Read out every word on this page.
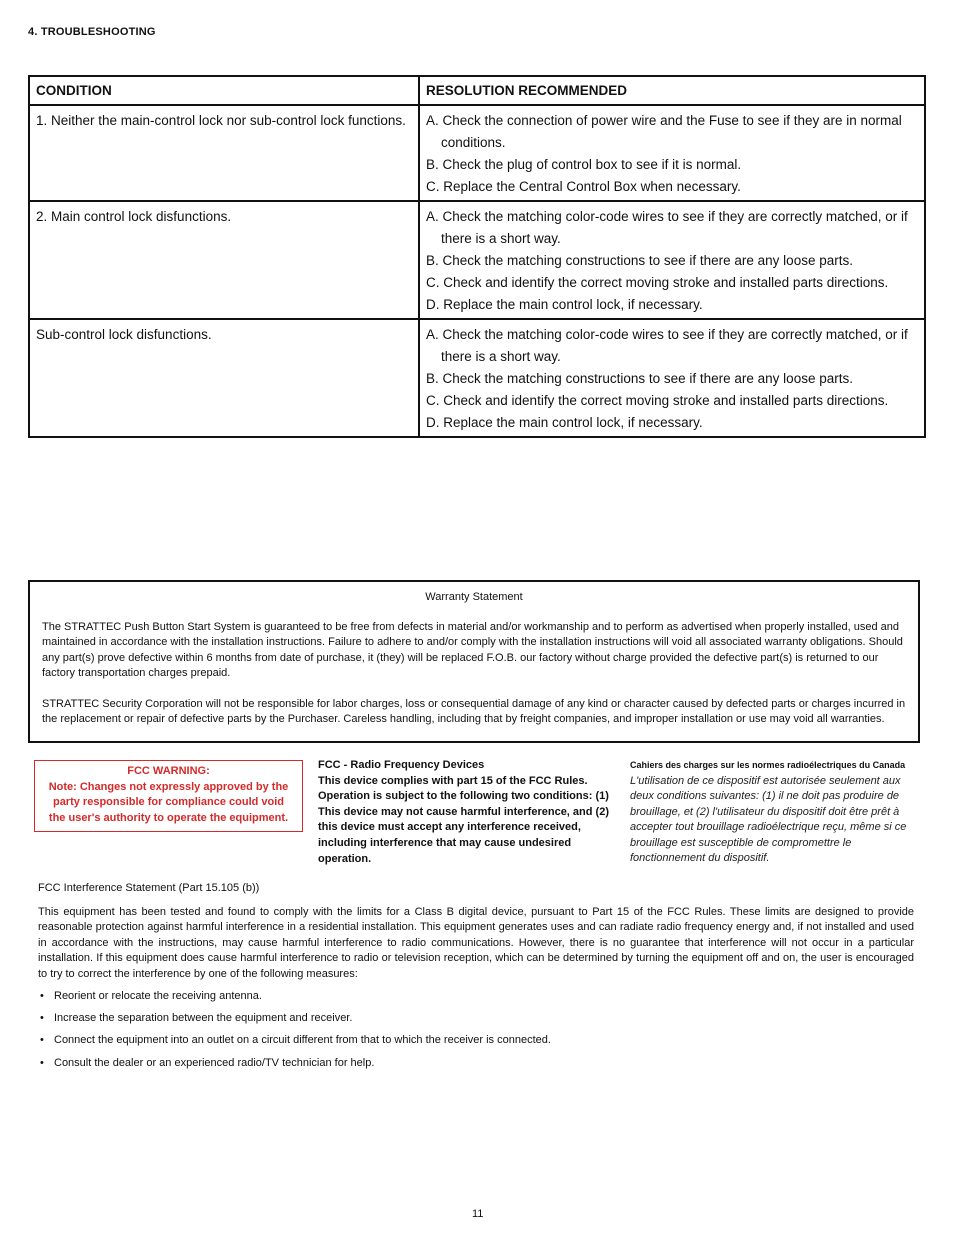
4. TROUBLESHOOTING
CONDITION	RESOLUTION RECOMMENDED
1. Neither the main-control lock nor sub-control lock functions.	A. Check the connection of power wire and the Fuse to see if they are in normal conditions.
B. Check the plug of control box to see if it is normal.
C. Replace the Central Control Box when necessary.

2. Main control lock disfunctions.	A. Check the matching color-code wires to see if they are correctly matched, or if there is a short way.
B. Check the matching constructions to see if there are any loose parts.
C. Check and identify the correct moving stroke and installed parts directions.
D. Replace the main control lock, if necessary.

Sub-control lock disfunctions.	A. Check the matching color-code wires to see if they are correctly matched, or if there is a short way.
B. Check the matching constructions to see if there are any loose parts.
C. Check and identify the correct moving stroke and installed parts directions.
D. Replace the main control lock, if necessary.
Warranty Statement

The STRATTEC Push Button Start System is guaranteed to be free from defects in material and/or workmanship and to perform as advertised when properly installed, used and maintained in accordance with the installation instructions. Failure to adhere to and/or comply with the installation instructions will void all associated warranty obligations. Should any part(s) prove defective within 6 months from date of purchase, it (they) will be replaced F.O.B. our factory without charge provided the defective part(s) is returned to our factory transportation charges prepaid.

STRATTEC Security Corporation will not be responsible for labor charges, loss or consequential damage of any kind or character caused by defected parts or charges incurred in the replacement or repair of defective parts by the Purchaser. Careless handling, including that by freight companies, and improper installation or use may void all warranties.

FCC WARNING:
Note: Changes not expressly approved by the party responsible for compliance could void the user's authority to operate the equipment.
FCC - Radio Frequency Devices
This device complies with part 15 of the FCC Rules. Operation is subject to the following two conditions: (1) This device may not cause harmful interference, and (2) this device must accept any interference received, including interference that may cause undesired operation.
Cahiers des charges sur les normes radioélectriques du Canada
L'utilisation de ce dispositif est autorisée seulement aux deux conditions suivantes: (1) il ne doit pas produire de brouillage, et (2) l'utilisateur du dispositif doit être prêt à accepter tout brouillage radioélectrique reçu, même si ce brouillage est susceptible de compromettre le fonctionnement du dispositif.
FCC Interference Statement (Part 15.105 (b))
This equipment has been tested and found to comply with the limits for a Class B digital device, pursuant to Part 15 of the FCC Rules. These limits are designed to provide reasonable protection against harmful interference in a residential installation. This equipment generates uses and can radiate radio frequency energy and, if not installed and used in accordance with the instructions, may cause harmful interference to radio communications. However, there is no guarantee that interference will not occur in a particular installation. If this equipment does cause harmful interference to radio or television reception, which can be determined by turning the equipment off and on, the user is encouraged to try to correct the interference by one of the following measures:
• Reorient or relocate the receiving antenna.
• Increase the separation between the equipment and receiver.
• Connect the equipment into an outlet on a circuit different from that to which the receiver is connected.
• Consult the dealer or an experienced radio/TV technician for help.
11
